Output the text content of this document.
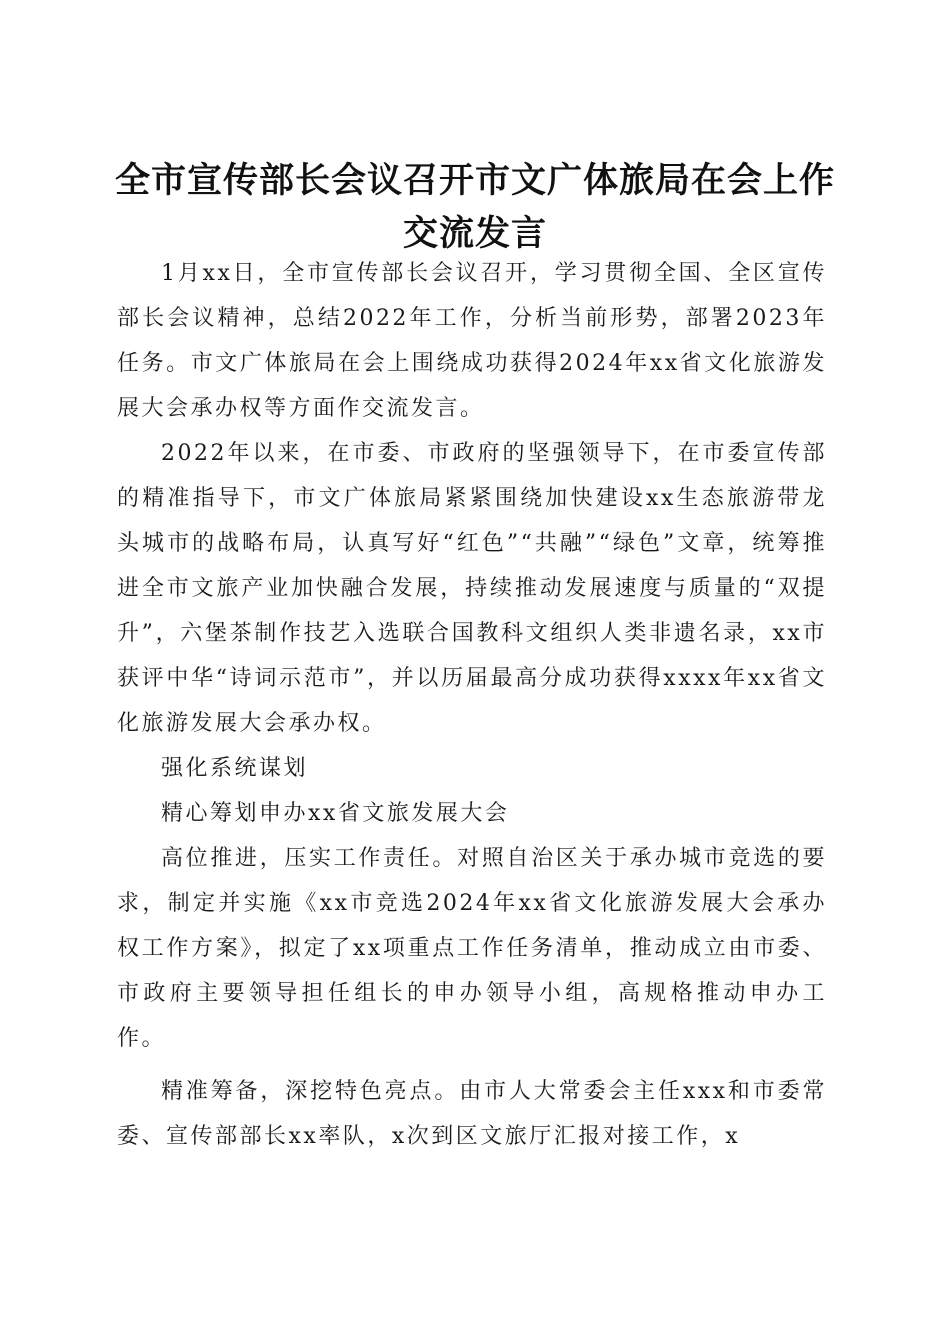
全市宣传部长会议召开市文广体旅局在会上作
交流发言

1月xx日，全市宣传部长会议召开，学习贯彻全国、全区宣传部长会议精神，总结2022年工作，分析当前形势，部署2023年任务。市文广体旅局在会上围绕成功获得2024年xx省文化旅游发展大会承办权等方面作交流发言。

2022年以来，在市委、市政府的坚强领导下，在市委宣传部的精准指导下，市文广体旅局紧紧围绕加快建设xx生态旅游带龙头城市的战略布局，认真写好“红色”“共融”“绿色”文章，统筹推进全市文旅产业加快融合发展，持续推动发展速度与质量的“双提升”，六堡茶制作技艺入选联合国教科文组织人类非遗名录，xx市获评中华“诗词示范市”，并以历届最高分成功获得xxxx年xx省文化旅游发展大会承办权。

强化系统谋划

精心筹划申办xx省文旅发展大会

高位推进，压实工作责任。对照自治区关于承办城市竞选的要求，制定并实施《xx市竞选2024年xx省文化旅游发展大会承办权工作方案》，拟定了xx项重点工作任务清单，推动成立由市委、市政府主要领导担任组长的申办领导小组，高规格推动申办工作。

精准筹备，深挖特色亮点。由市人大常委会主任xxx和市委常委、宣传部部长xx率队，x次到区文旅厅汇报对接工作，x
